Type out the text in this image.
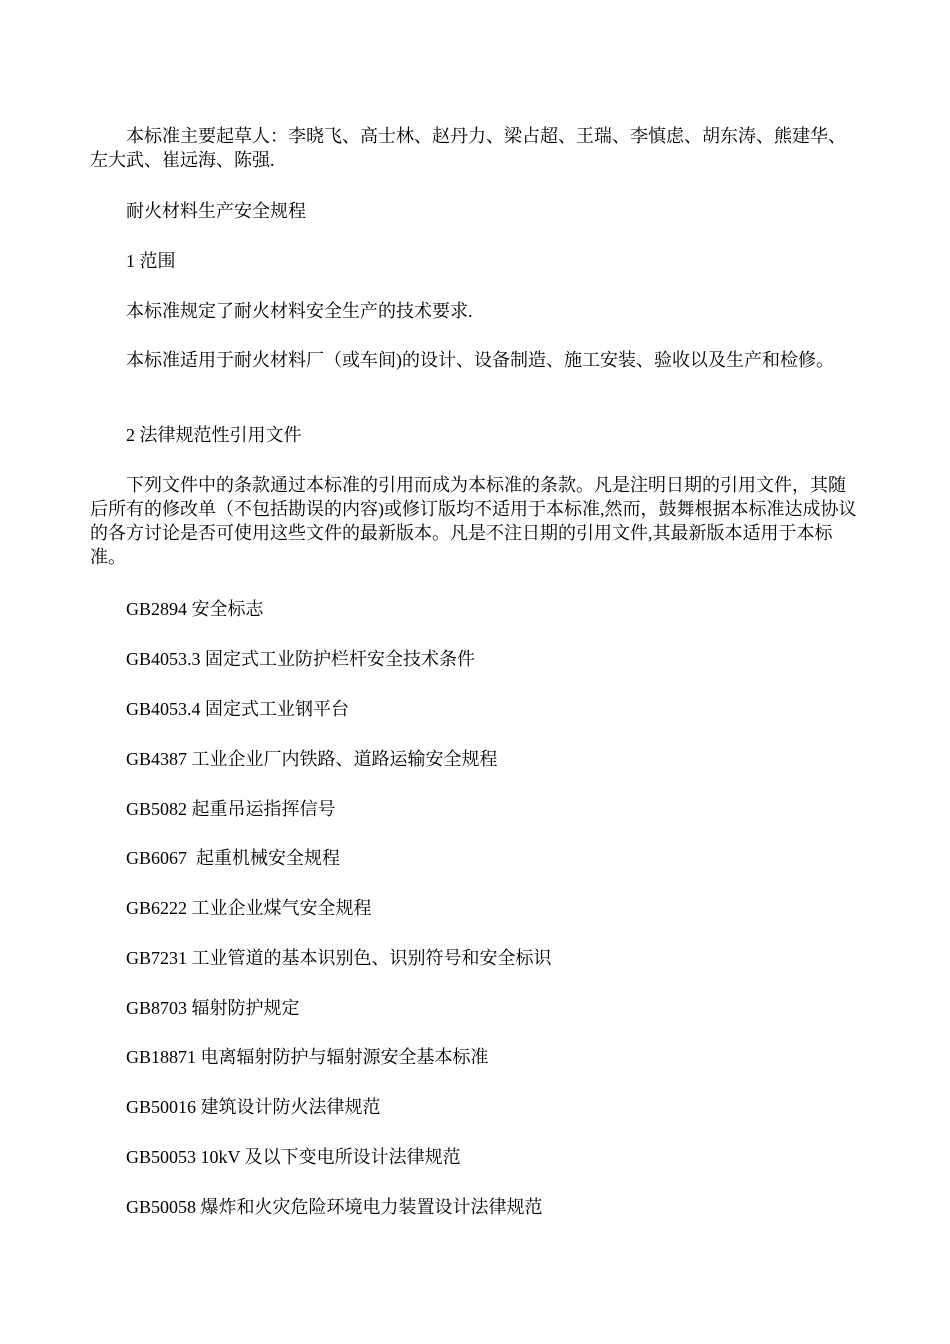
本标准主要起草人：李晓飞、高士林、赵丹力、梁占超、王瑞、李慎虑、胡东涛、熊建华、左大武、崔远海、陈强.

耐火材料生产安全规程

1 范围

本标准规定了耐火材料安全生产的技术要求.

本标准适用于耐火材料厂（或车间)的设计、设备制造、施工安装、验收以及生产和检修。

2 法律规范性引用文件

下列文件中的条款通过本标准的引用而成为本标准的条款。凡是注明日期的引用文件，其随后所有的修改单（不包括勘误的内容)或修订版均不适用于本标准,然而，鼓舞根据本标准达成协议的各方讨论是否可使用这些文件的最新版本。凡是不注日期的引用文件,其最新版本适用于本标准。

GB2894 安全标志

GB4053.3 固定式工业防护栏杆安全技术条件

GB4053.4 固定式工业钢平台

GB4387 工业企业厂内铁路、道路运输安全规程

GB5082 起重吊运指挥信号

GB6067  起重机械安全规程

GB6222 工业企业煤气安全规程

GB7231 工业管道的基本识别色、识别符号和安全标识

GB8703 辐射防护规定

GB18871 电离辐射防护与辐射源安全基本标准

GB50016 建筑设计防火法律规范

GB50053 10kV 及以下变电所设计法律规范

GB50058 爆炸和火灾危险环境电力装置设计法律规范
